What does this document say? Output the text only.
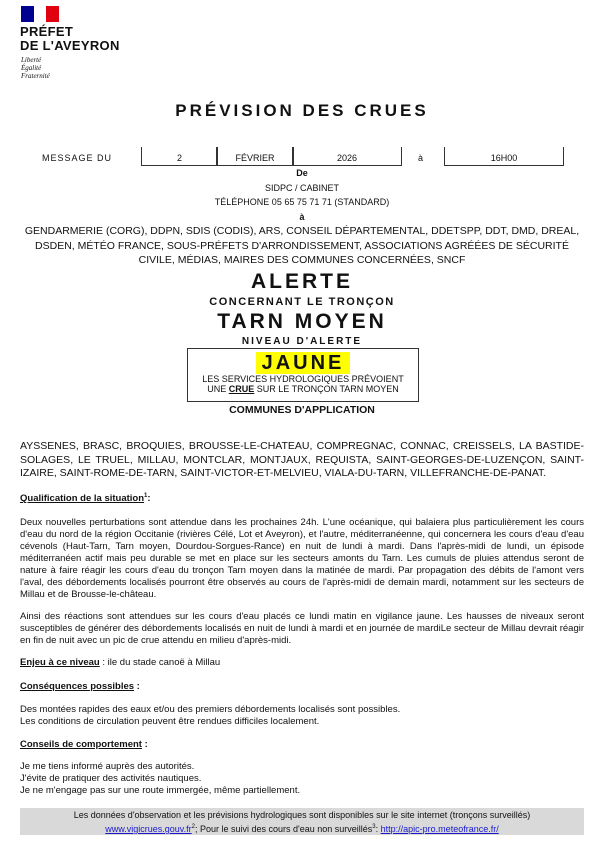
PRÉFET
DE L'AVEYRON
Liberté
Égalité
Fraternité
PRÉVISION DES CRUES
MESSAGE DU	2	FÉVRIER	2026	à	16H00
De
SIDPC / CABINET
TÉLÉPHONE 05 65 75 71 71 (STANDARD)
à
GENDARMERIE (CORG), DDPN, SDIS (CODIS), ARS, CONSEIL DÉPARTEMENTAL, DDETSPP, DDT, DMD, DREAL, DSDEN, MÉTÉO FRANCE, SOUS-PRÉFETS D'ARRONDISSEMENT, ASSOCIATIONS AGRÉÉES DE SÉCURITÉ CIVILE, MÉDIAS, MAIRES DES COMMUNES CONCERNÉES, SNCF
ALERTE
CONCERNANT LE TRONÇON
TARN MOYEN
NIVEAU D'ALERTE
JAUNE
LES SERVICES HYDROLOGIQUES PRÉVOIENT
UNE CRUE SUR LE TRONÇON TARN MOYEN
COMMUNES D'APPLICATION
AYSSENES, BRASC, BROQUIES, BROUSSE-LE-CHATEAU, COMPREGNAC, CONNAC, CREISSELS, LA BASTIDE-SOLAGES, LE TRUEL, MILLAU, MONTCLAR, MONTJAUX, REQUISTA, SAINT-GEORGES-DE-LUZENÇON, SAINT-IZAIRE, SAINT-ROME-DE-TARN, SAINT-VICTOR-ET-MELVIEU, VIALA-DU-TARN, VILLEFRANCHE-DE-PANAT.
Qualification de la situation$^1$:
Deux nouvelles perturbations sont attendue dans les prochaines 24h. L'une océanique, qui balaiera plus particulièrement les cours d'eau du nord de la région Occitanie (rivières Célé, Lot et Aveyron), et l'autre, méditerranéenne, qui concernera les cours d'eau d'eau cévenols (Haut-Tarn, Tarn moyen, Dourdou-Sorgues-Rance) en nuit de lundi à mardi. Dans l'après-midi de lundi, un épisode méditerranéen actif mais peu durable se met en place sur les secteurs amonts du Tarn. Les cumuls de pluies attendus seront de nature à faire réagir les cours d'eau du tronçon Tarn moyen dans la matinée de mardi. Par propagation des débits de l'amont vers l'aval, des débordements localisés pourront être observés au cours de l'après-midi de demain mardi, notamment sur les secteurs de Millau et de Brousse-le-château.
Ainsi des réactions sont attendues sur les cours d'eau placés ce lundi matin en vigilance jaune. Les hausses de niveaux seront susceptibles de générer des débordements localisés en nuit de lundi à mardi et en journée de mardiLe secteur de Millau devrait réagir en fin de nuit avec un pic de crue attendu en milieu d'après-midi.
Enjeu à ce niveau : ile du stade canoë à Millau
Conséquences possibles :
Des montées rapides des eaux et/ou des premiers débordements localisés sont possibles.
Les conditions de circulation peuvent être rendues difficiles localement.
Conseils de comportement :
Je me tiens informé auprès des autorités.
J'évite de pratiquer des activités nautiques.
Je ne m'engage pas sur une route immergée, même partiellement.
Les données d'observation et les prévisions hydrologiques sont disponibles sur le site internet (tronçons surveillés)
$www.vigicrues.gouv.fr^2$; Pour le suivi des cours d'eau non surveillés$^3$: http://apic-pro.meteofrance.fr/
